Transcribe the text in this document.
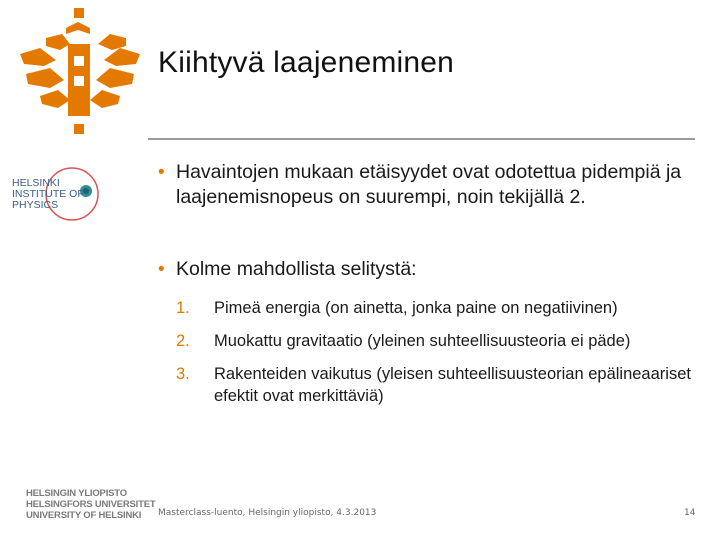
Kiihtyvä laajeneminen
HELSINKI
INSTITUTE OF
PHYSICS
HELSINGIN YLIOPISTO
HELSINGFORS UNIVERSITET
UNIVERSITY OF HELSINKI
• Havaintojen mukaan etäisyydet ovat odotettua pidempiä ja laajenemisnopeus on suurempi, noin tekijällä 2.
• Kolme mahdollista selitystä:
1. Pimeä energia (on ainetta, jonka paine on negatiivinen)
2. Muokattu gravitaatio (yleinen suhteellisuusteoria ei päde)
3. Rakenteiden vaikutus (yleisen suhteellisuusteorian epälineaariset efektit ovat merkittäviä)
Masterclass-luento, Helsingin yliopisto, 4.3.2013	14
